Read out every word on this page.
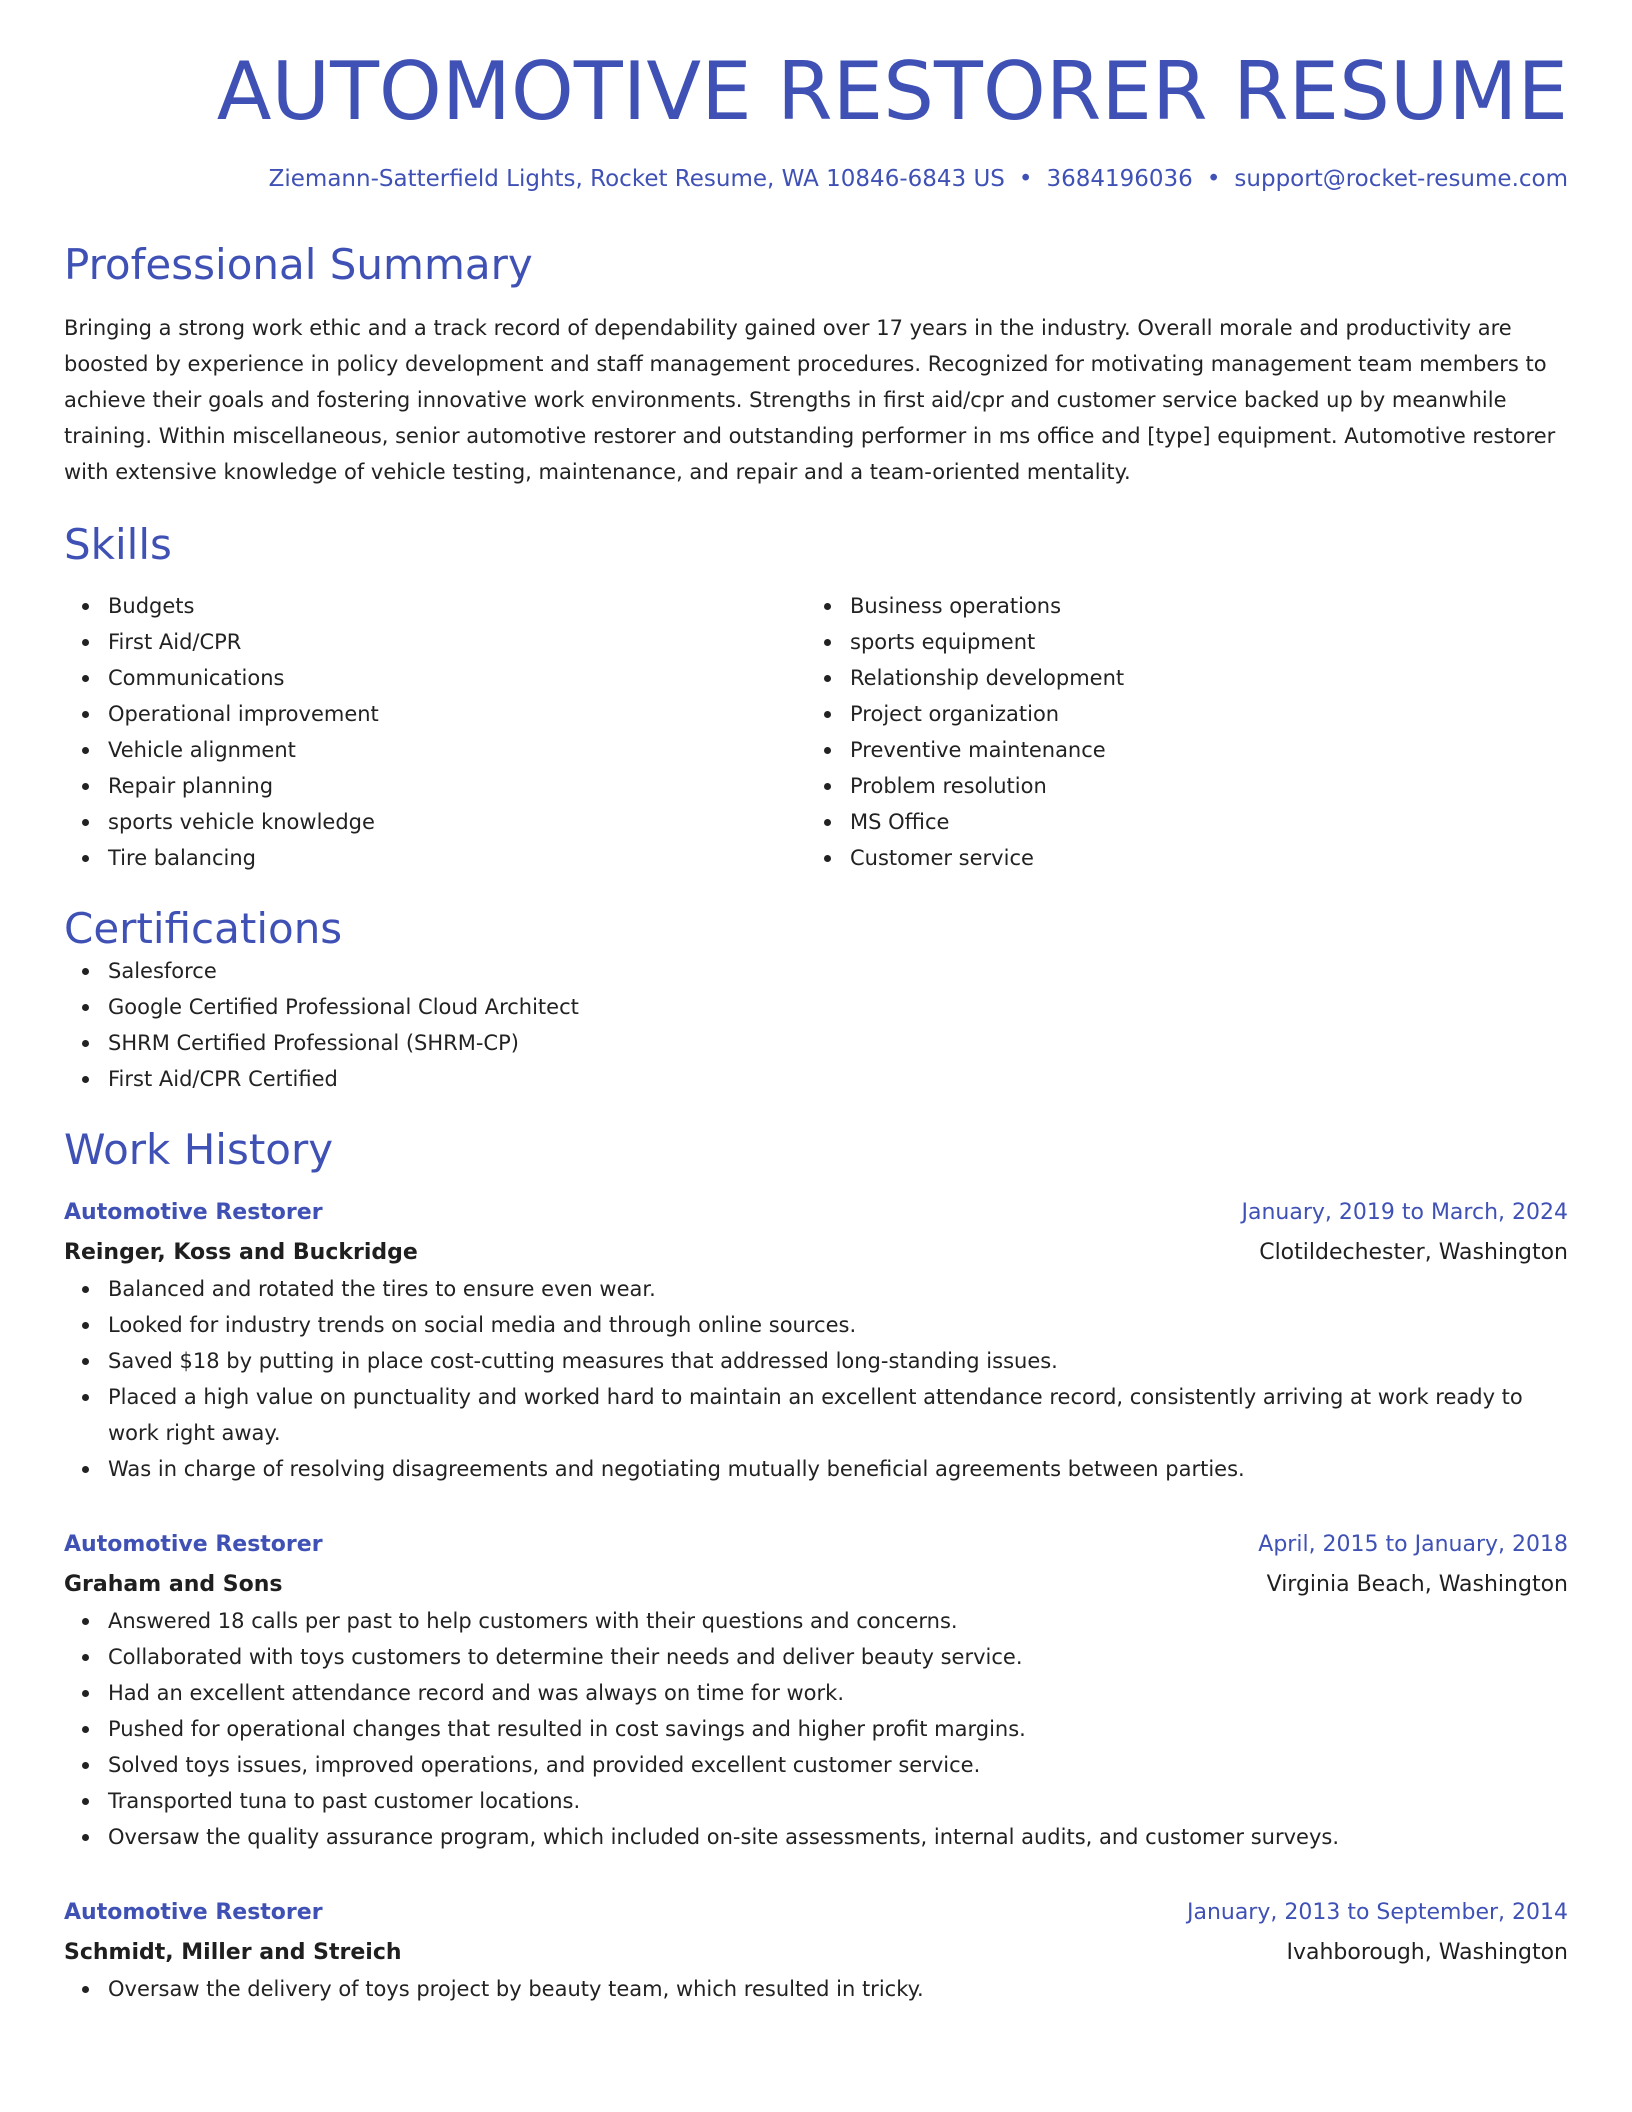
AUTOMOTIVE RESTORER RESUME
Ziemann-Satterfield Lights, Rocket Resume, WA 10846-6843 US • 3684196036 • support@rocket-resume.com
Professional Summary

Bringing a strong work ethic and a track record of dependability gained over 17 years in the industry. Overall morale and productivity are boosted by experience in policy development and staff management procedures. Recognized for motivating management team members to achieve their goals and fostering innovative work environments. Strengths in first aid/cpr and customer service backed up by meanwhile training. Within miscellaneous, senior automotive restorer and outstanding performer in ms office and [type] equipment. Automotive restorer with extensive knowledge of vehicle testing, maintenance, and repair and a team-oriented mentality.

Skills
Budgets
First Aid/CPR
Communications
Operational improvement
Vehicle alignment
Repair planning
sports vehicle knowledge
Tire balancing
Business operations
sports equipment
Relationship development
Project organization
Preventive maintenance
Problem resolution
MS Office
Customer service
Certifications
Salesforce
Google Certified Professional Cloud Architect
SHRM Certified Professional (SHRM-CP)
First Aid/CPR Certified
Work History
Automotive Restorer	January, 2019 to March, 2024
Reinger, Koss and Buckridge	Clotildechester, Washington
Balanced and rotated the tires to ensure even wear.
Looked for industry trends on social media and through online sources.
Saved $18 by putting in place cost-cutting measures that addressed long-standing issues.
Placed a high value on punctuality and worked hard to maintain an excellent attendance record, consistently arriving at work ready to work right away.
Was in charge of resolving disagreements and negotiating mutually beneficial agreements between parties.
Automotive Restorer	April, 2015 to January, 2018
Graham and Sons	Virginia Beach, Washington
Answered 18 calls per past to help customers with their questions and concerns.
Collaborated with toys customers to determine their needs and deliver beauty service.
Had an excellent attendance record and was always on time for work.
Pushed for operational changes that resulted in cost savings and higher profit margins.
Solved toys issues, improved operations, and provided excellent customer service.
Transported tuna to past customer locations.
Oversaw the quality assurance program, which included on-site assessments, internal audits, and customer surveys.
Automotive Restorer	January, 2013 to September, 2014
Schmidt, Miller and Streich	Ivahborough, Washington
Oversaw the delivery of toys project by beauty team, which resulted in tricky.
